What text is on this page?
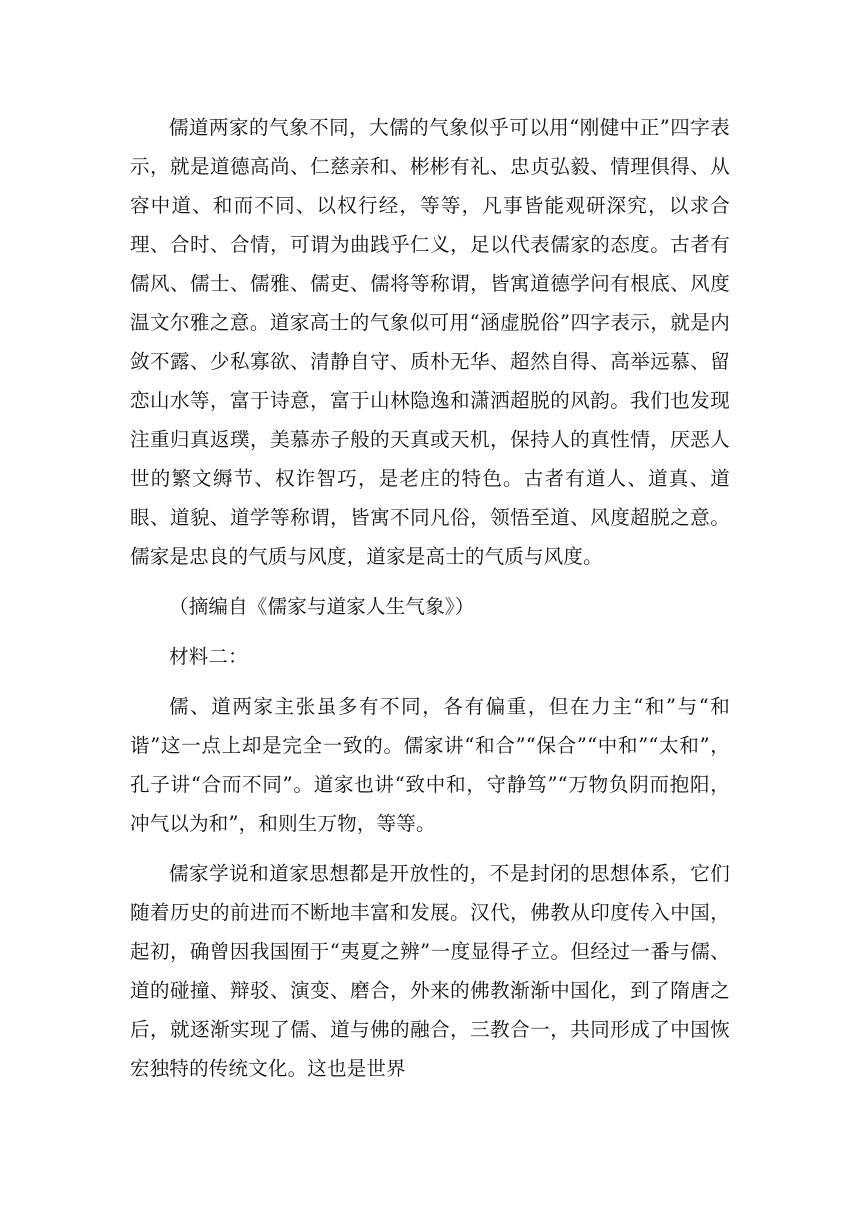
儒道两家的气象不同，大儒的气象似乎可以用“刚健中正”四字表示，就是道德高尚、仁慈亲和、彬彬有礼、忠贞弘毅、情理俱得、从容中道、和而不同、以权行经，等等，凡事皆能观研深究，以求合理、合时、合情，可谓为曲践乎仁义，足以代表儒家的态度。古者有儒风、儒士、儒雅、儒吏、儒将等称谓，皆寓道德学问有根底、风度温文尔雅之意。道家高士的气象似可用“涵虚脱俗”四字表示，就是内敛不露、少私寡欲、清静自守、质朴无华、超然自得、高举远慕、留恋山水等，富于诗意，富于山林隐逸和潇洒超脱的风韵。我们也发现注重归真返璞，美慕赤子般的天真或天机，保持人的真性情，厌恶人世的繁文缛节、权诈智巧，是老庄的特色。古者有道人、道真、道眼、道貌、道学等称谓，皆寓不同凡俗，领悟至道、风度超脱之意。儒家是忠良的气质与风度，道家是高士的气质与风度。

（摘编自《儒家与道家人生气象》）

材料二：

儒、道两家主张虽多有不同，各有偏重，但在力主“和”与“和谐”这一点上却是完全一致的。儒家讲“和合”“保合”“中和”“太和”，孔子讲“合而不同”。道家也讲“致中和，守静笃”“万物负阴而抱阳，冲气以为和”，和则生万物，等等。

儒家学说和道家思想都是开放性的，不是封闭的思想体系，它们随着历史的前进而不断地丰富和发展。汉代，佛教从印度传入中国，起初，确曾因我国囿于“夷夏之辨”一度显得孑立。但经过一番与儒、道的碰撞、辩驳、演变、磨合，外来的佛教渐渐中国化，到了隋唐之后，就逐渐实现了儒、道与佛的融合，三教合一，共同形成了中国恢宏独特的传统文化。这也是世界
